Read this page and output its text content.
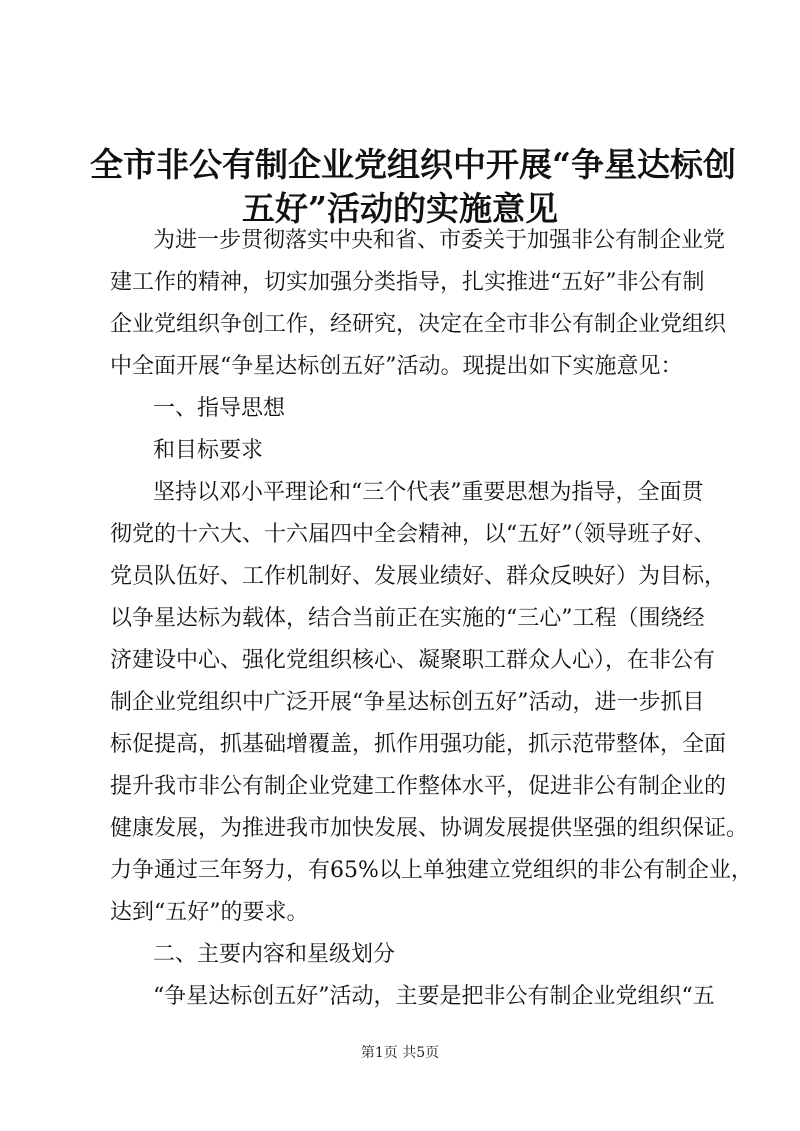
全市非公有制企业党组织中开展“争星达标创
五好”活动的实施意见
为进一步贯彻落实中央和省、市委关于加强非公有制企业党
建工作的精神，切实加强分类指导，扎实推进“五好”非公有制
企业党组织争创工作，经研究，决定在全市非公有制企业党组织
中全面开展“争星达标创五好”活动。现提出如下实施意见：
一、指导思想
和目标要求
坚持以邓小平理论和“三个代表”重要思想为指导，全面贯
彻党的十六大、十六届四中全会精神，以“五好”（领导班子好、
党员队伍好、工作机制好、发展业绩好、群众反映好）为目标，
以争星达标为载体，结合当前正在实施的“三心”工程（围绕经
济建设中心、强化党组织核心、凝聚职工群众人心），在非公有
制企业党组织中广泛开展“争星达标创五好”活动，进一步抓目
标促提高，抓基础增覆盖，抓作用强功能，抓示范带整体，全面
提升我市非公有制企业党建工作整体水平，促进非公有制企业的
健康发展，为推进我市加快发展、协调发展提供坚强的组织保证。
力争通过三年努力，有65%以上单独建立党组织的非公有制企业，
达到“五好”的要求。
二、主要内容和星级划分
“争星达标创五好”活动，主要是把非公有制企业党组织“五
第1页 共5页
